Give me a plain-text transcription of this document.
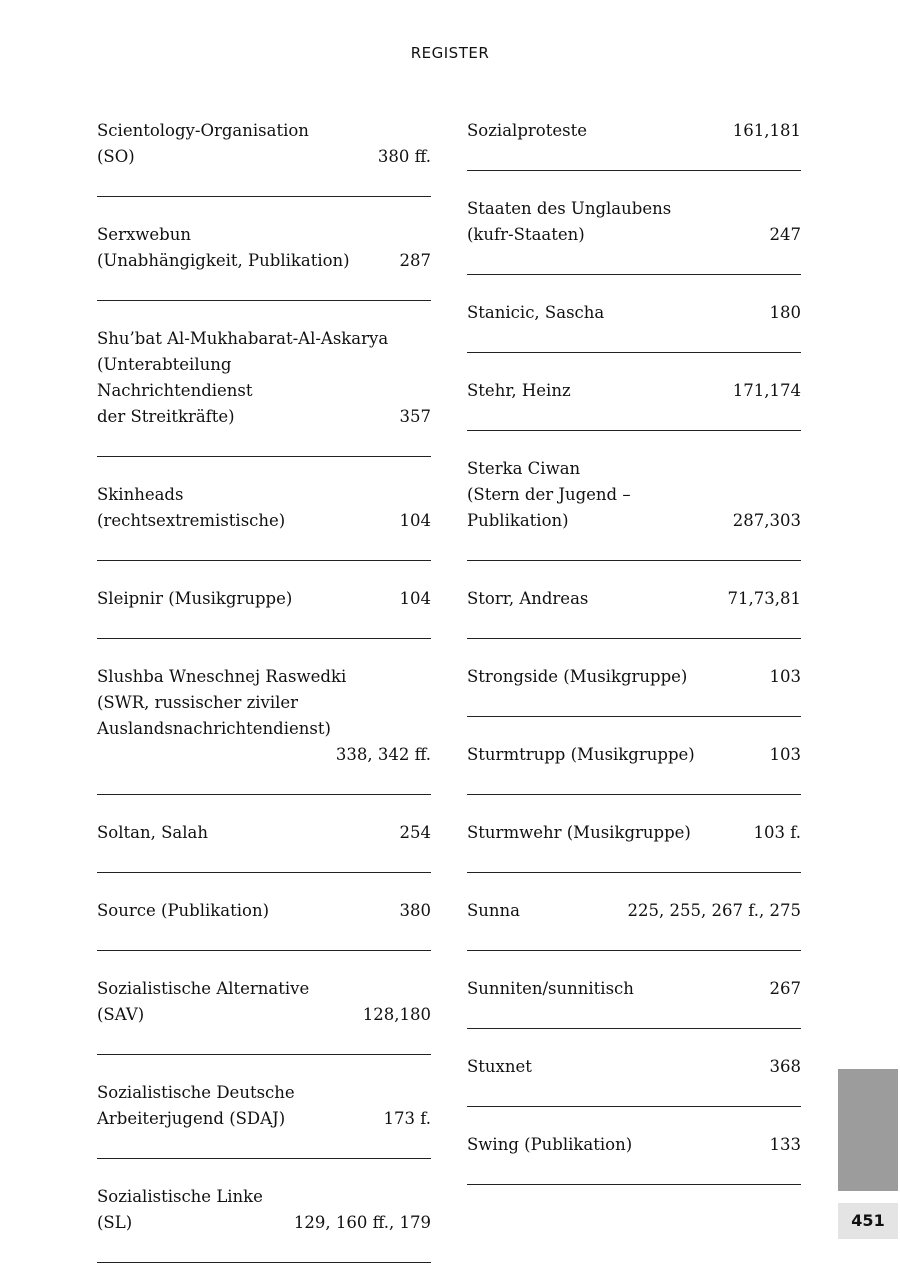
REGISTER
Scientology-Organisation
(SO)	380 ff.
Serxwebun
(Unabhängigkeit, Publikation)	287
Shu’bat Al-Mukhabarat-Al-Askarya
(Unterabteilung Nachrichtendienst
der Streitkräfte)	357
Skinheads
(rechtsextremistische)	104
Sleipnir (Musikgruppe)	104
Slushba Wneschnej Raswedki
(SWR, russischer ziviler
Auslandsnachrichtendienst)
338, 342 ff.
Soltan, Salah	254
Source (Publikation)	380
Sozialistische Alternative (SAV)	128,180
Sozialistische Deutsche
Arbeiterjugend (SDAJ)	173 f.
Sozialistische Linke (SL)	129, 160 ff., 179
Sozialproteste	161,181
Staaten des Unglaubens
(kufr-Staaten)	247
Stanicic, Sascha	180
Stehr, Heinz	171,174
Sterka Ciwan
(Stern der Jugend –
Publikation)	287,303
Storr, Andreas	71,73,81
Strongside (Musikgruppe)	103
Sturmtrupp (Musikgruppe)	103
Sturmwehr (Musikgruppe)	103 f.
Sunna	225, 255, 267 f., 275
Sunniten/sunnitisch	267
Stuxnet	368
Swing (Publikation)	133
451
